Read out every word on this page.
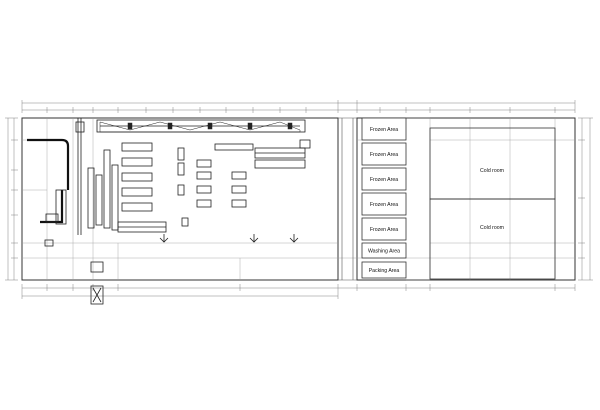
Cold room
Cold room
Frozen Area
Frozen Area
Frozen Area
Frozen Area
Frozen Area
Washing Area
Packing Area
